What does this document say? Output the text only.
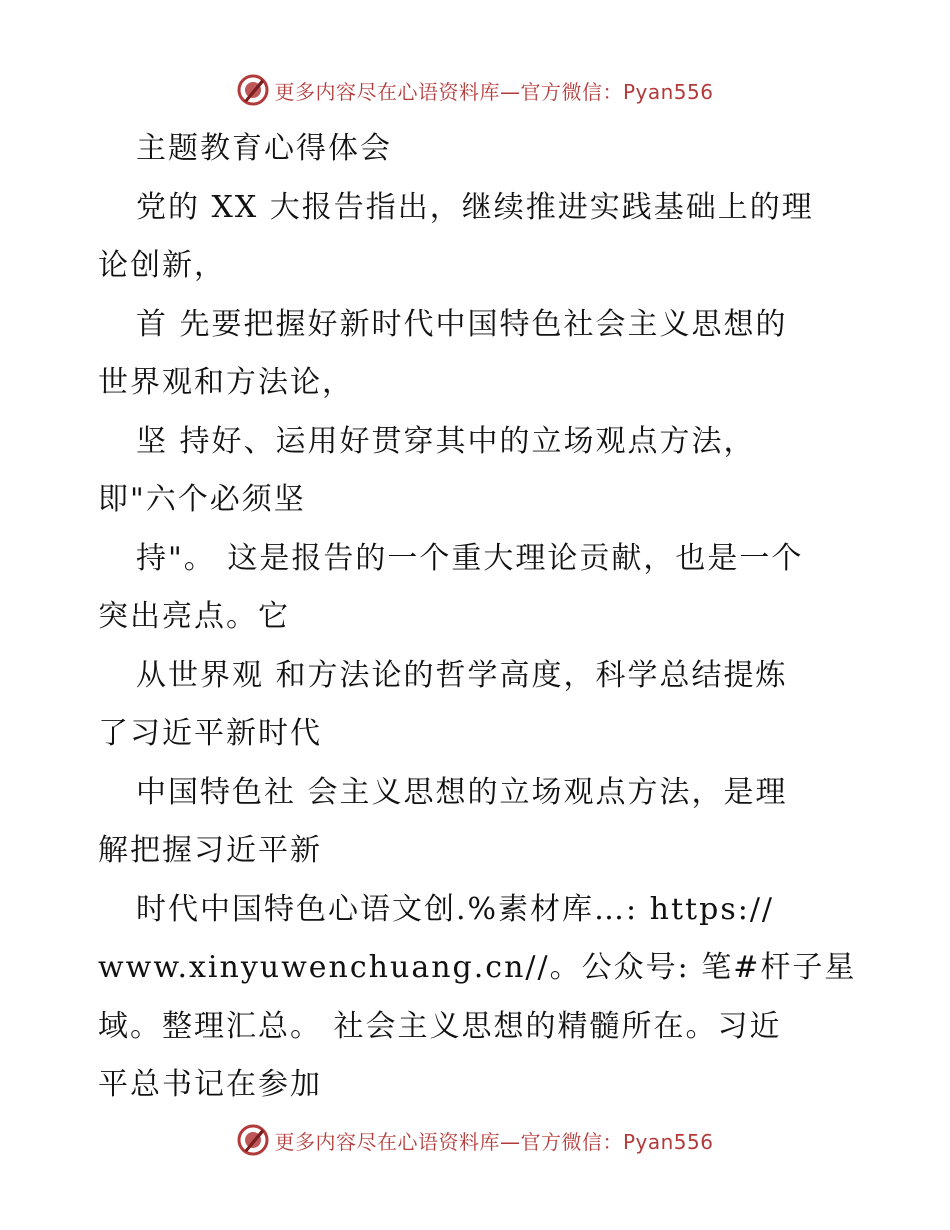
更多内容尽在心语资料库—官方微信：Pyan556
主题教育心得体会
党的 XX 大报告指出，继续推进实践基础上的理
论创新，
首 先要把握好新时代中国特色社会主义思想的
世界观和方法论，
坚 持好、运用好贯穿其中的立场观点方法，
即"六个必须坚
持"。 这是报告的一个重大理论贡献，也是一个
突出亮点。它
从世界观 和方法论的哲学高度，科学总结提炼
了习近平新时代
中国特色社 会主义思想的立场观点方法，是理
解把握习近平新
时代中国特色心语文创.%素材库…: https://
www.xinyuwenchuang.cn//。公众号: 笔#杆子星
域。整理汇总。 社会主义思想的精髓所在。习近
平总书记在参加
更多内容尽在心语资料库—官方微信：Pyan556
